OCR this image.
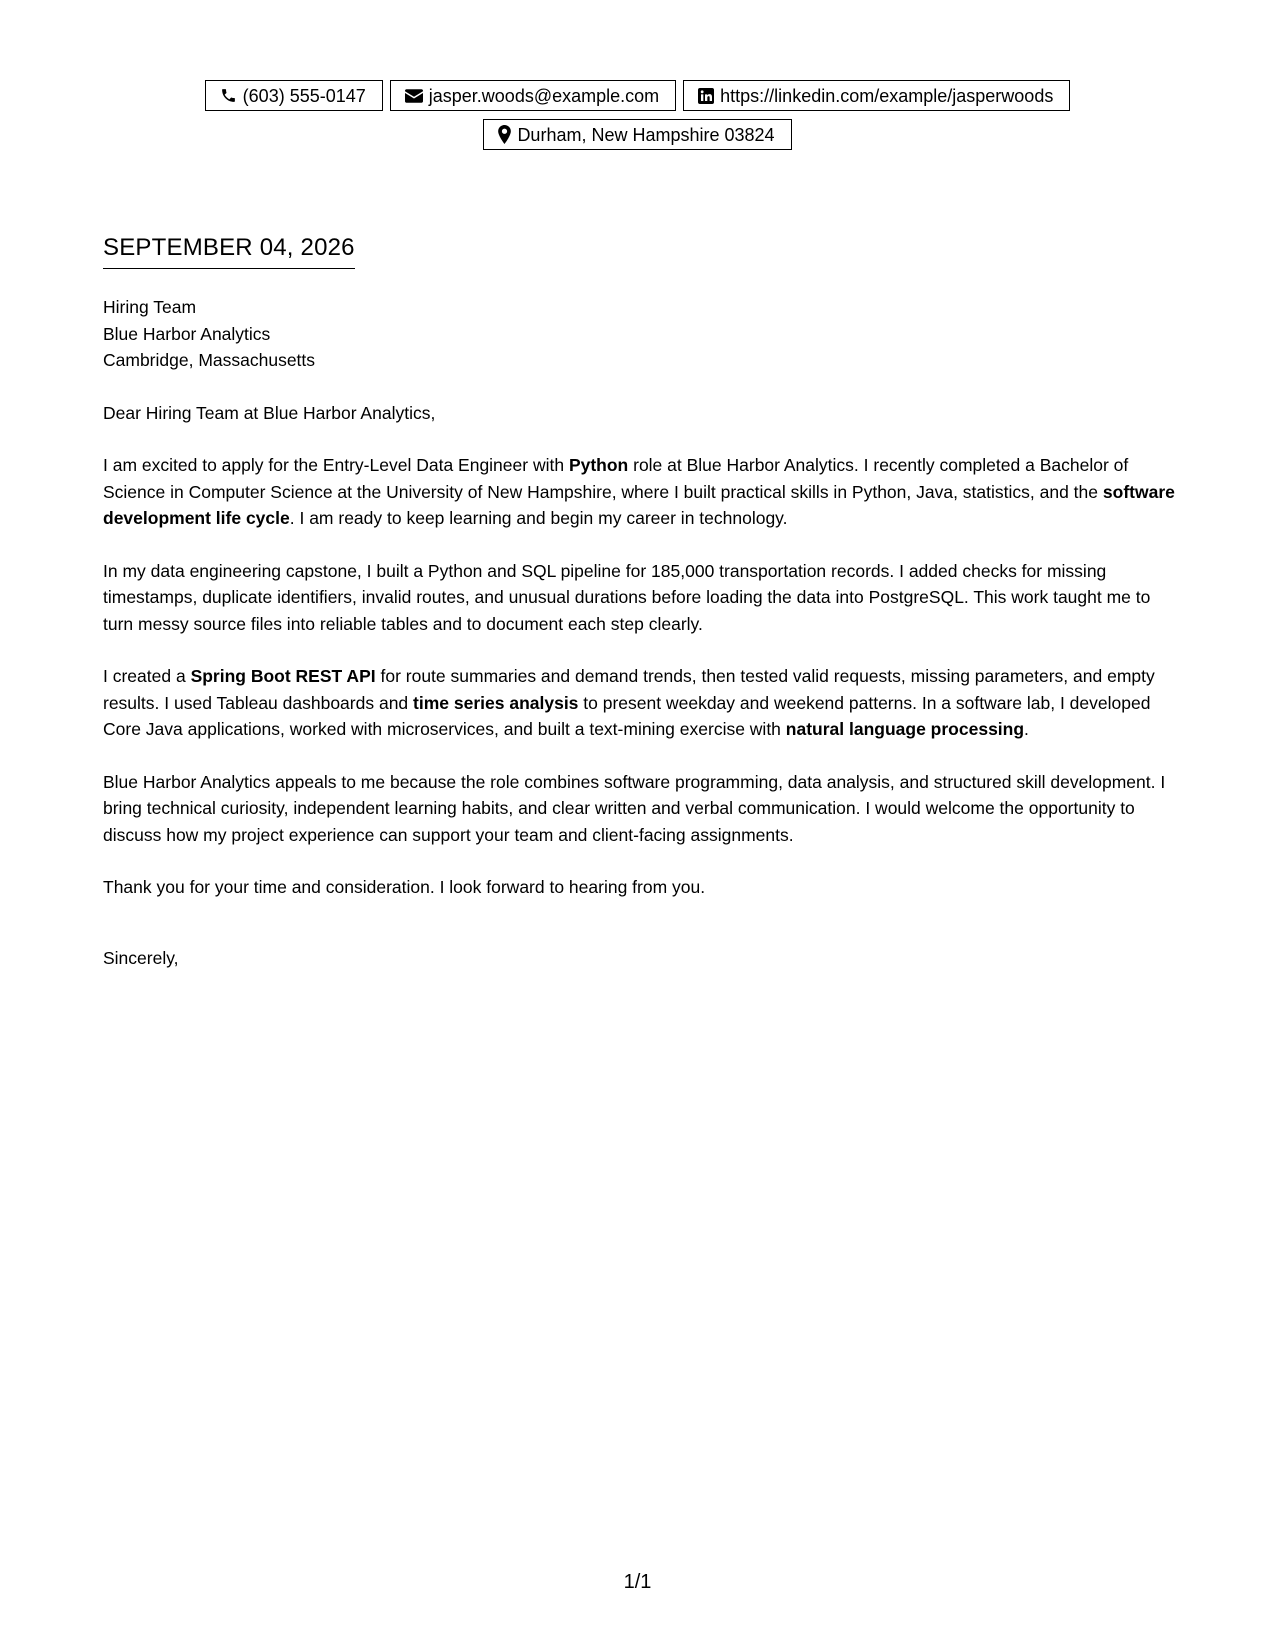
(603) 555-0147	jasper.woods@example.com	https://linkedin.com/example/jasperwoods
Durham, New Hampshire 03824
SEPTEMBER 04, 2026
Hiring Team
Blue Harbor Analytics
Cambridge, Massachusetts

Dear Hiring Team at Blue Harbor Analytics,

I am excited to apply for the Entry-Level Data Engineer with Python role at Blue Harbor Analytics. I recently completed a Bachelor of Science in Computer Science at the University of New Hampshire, where I built practical skills in Python, Java, statistics, and the software development life cycle. I am ready to keep learning and begin my career in technology.

In my data engineering capstone, I built a Python and SQL pipeline for 185,000 transportation records. I added checks for missing timestamps, duplicate identifiers, invalid routes, and unusual durations before loading the data into PostgreSQL. This work taught me to turn messy source files into reliable tables and to document each step clearly.

I created a Spring Boot REST API for route summaries and demand trends, then tested valid requests, missing parameters, and empty results. I used Tableau dashboards and time series analysis to present weekday and weekend patterns. In a software lab, I developed Core Java applications, worked with microservices, and built a text-mining exercise with natural language processing.

Blue Harbor Analytics appeals to me because the role combines software programming, data analysis, and structured skill development. I bring technical curiosity, independent learning habits, and clear written and verbal communication. I would welcome the opportunity to discuss how my project experience can support your team and client-facing assignments.

Thank you for your time and consideration. I look forward to hearing from you.

Sincerely,

1/1
